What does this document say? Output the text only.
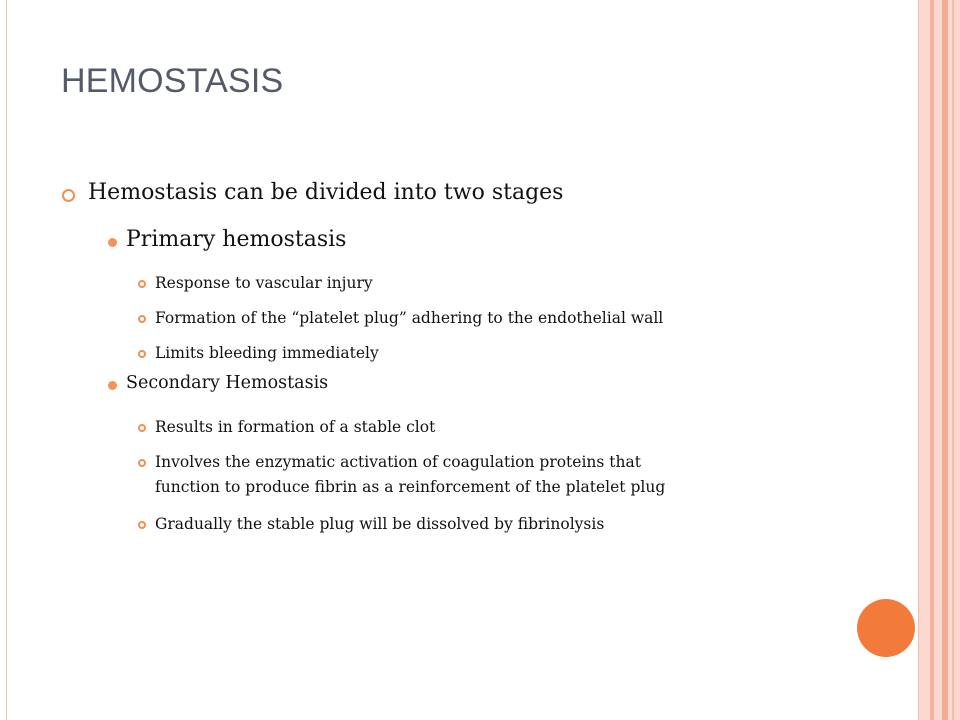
HEMOSTASIS
Hemostasis can be divided into two stages
Primary hemostasis
Response to vascular injury
Formation of the “platelet plug” adhering to the endothelial wall
Limits bleeding immediately
Secondary Hemostasis
Results in formation of a stable clot
Involves the enzymatic activation of coagulation proteins that
function to produce fibrin as a reinforcement of the platelet plug
Gradually the stable plug will be dissolved by fibrinolysis
